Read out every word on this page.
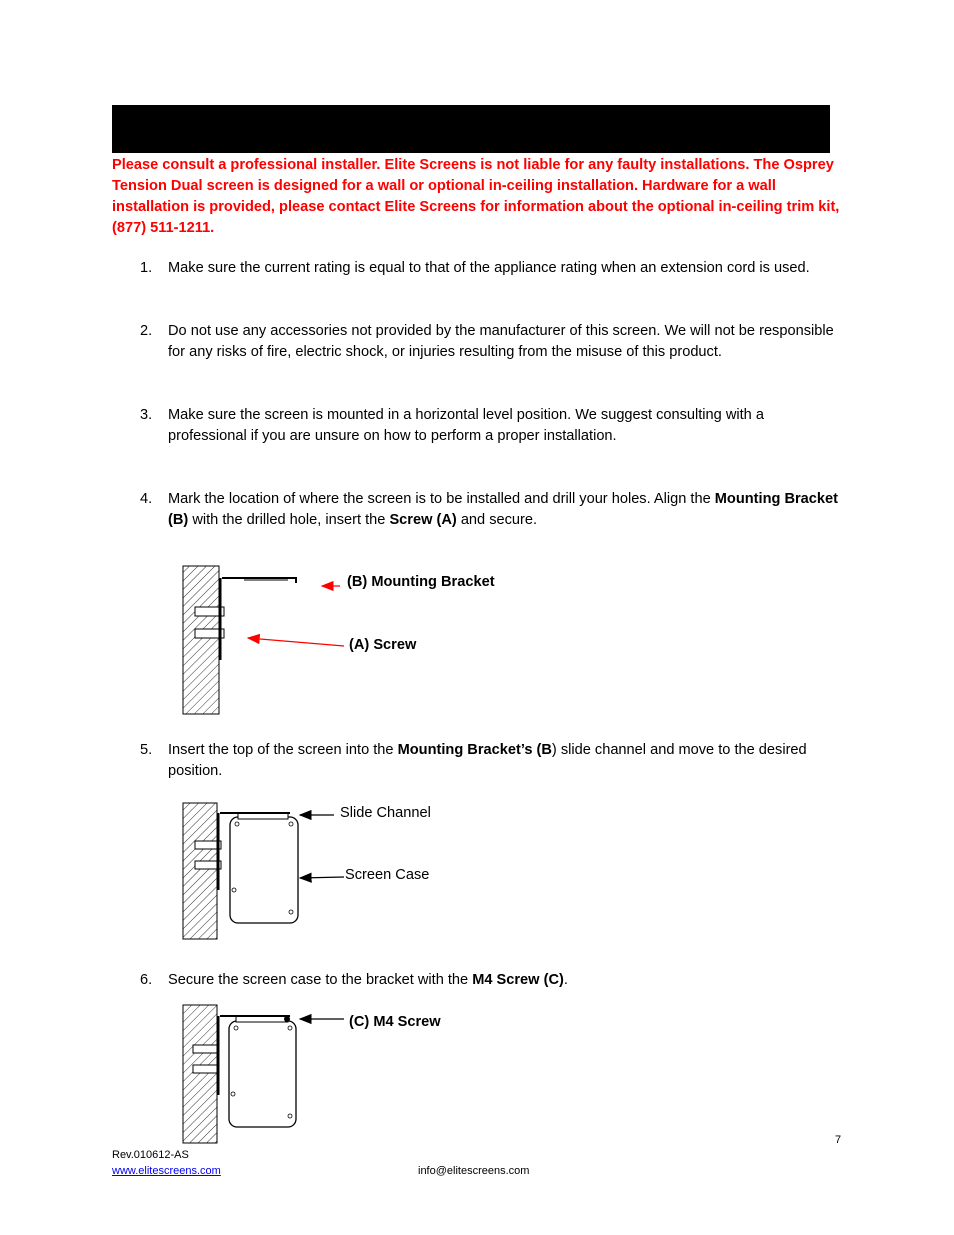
Please consult a professional installer. Elite Screens is not liable for any faulty installations. The Osprey Tension Dual screen is designed for a wall or optional in-ceiling installation. Hardware for a wall installation is provided, please contact Elite Screens for information about the optional in-ceiling trim kit, (877) 511-1211.
1. Make sure the current rating is equal to that of the appliance rating when an extension cord is used.
2. Do not use any accessories not provided by the manufacturer of this screen. We will not be responsible for any risks of fire, electric shock, or injuries resulting from the misuse of this product.
3. Make sure the screen is mounted in a horizontal level position. We suggest consulting with a professional if you are unsure on how to perform a proper installation.
4. Mark the location of where the screen is to be installed and drill your holes. Align the Mounting Bracket (B) with the drilled hole, insert the Screw (A) and secure.
(B) Mounting Bracket
(A) Screw
5. Insert the top of the screen into the Mounting Bracket’s (B) slide channel and move to the desired position.
Slide Channel
Screen Case
6. Secure the screen case to the bracket with the M4 Screw (C).
(C) M4 Screw
7
Rev.010612-AS
www.elitescreens.com	info@elitescreens.com
